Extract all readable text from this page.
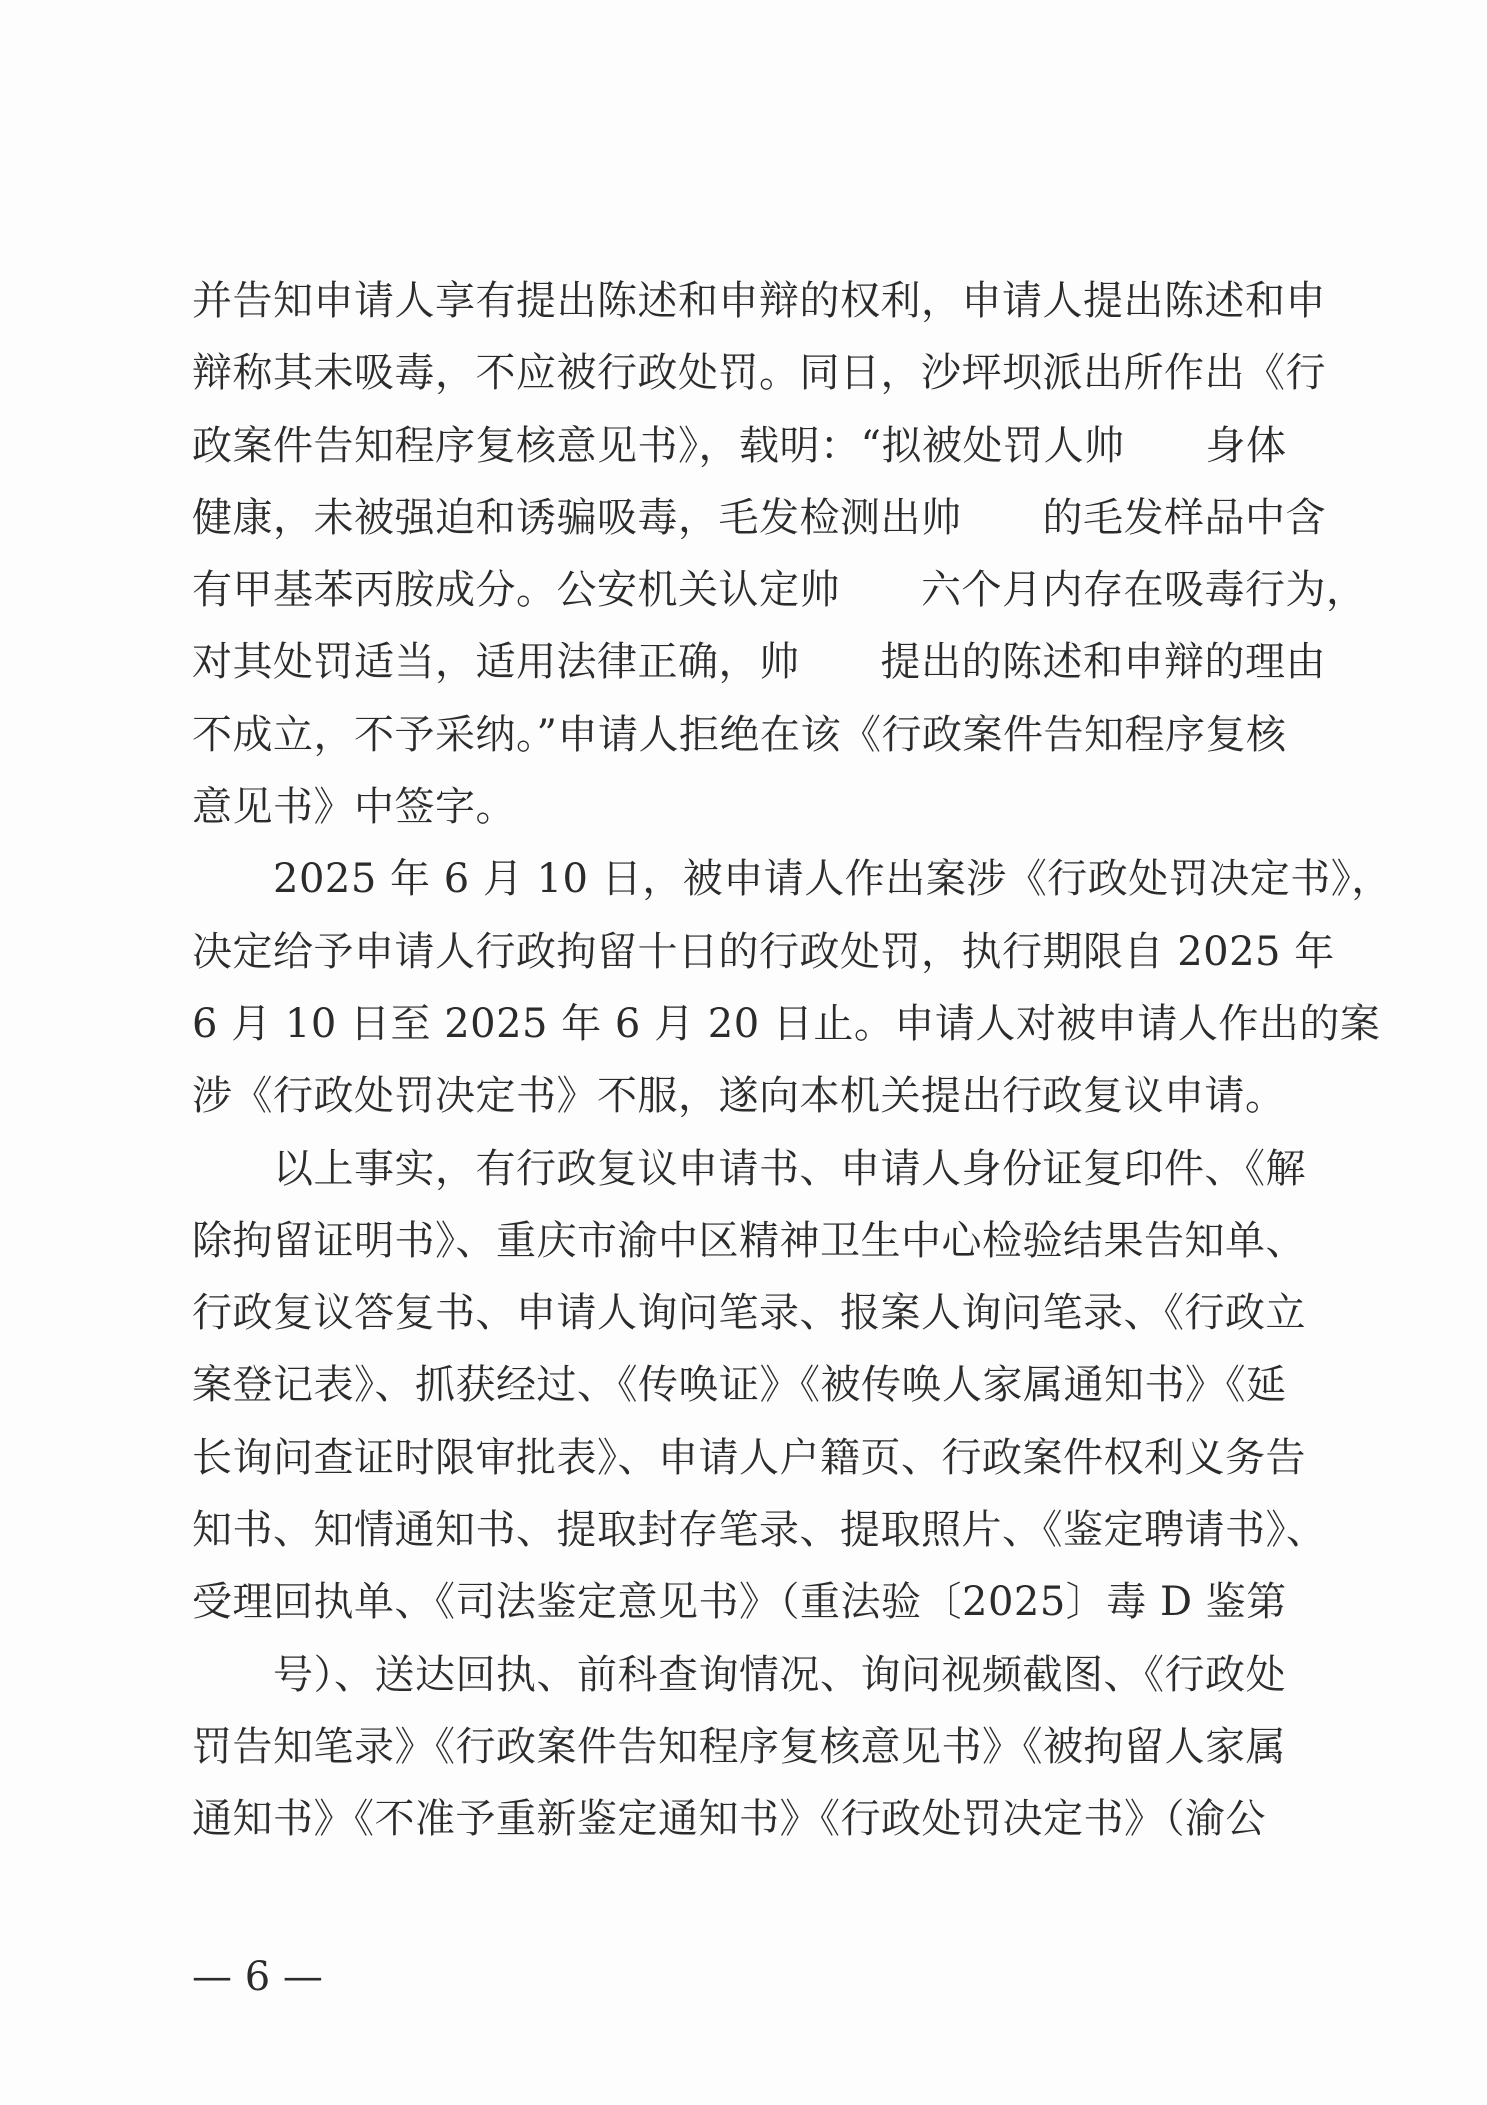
并告知申请人享有提出陈述和申辩的权利，申请人提出陈述和申
辩称其未吸毒，不应被行政处罚。同日，沙坪坝派出所作出《行
政案件告知程序复核意见书》，载明：“拟被处罚人帅　　身体
健康，未被强迫和诱骗吸毒，毛发检测出帅　　的毛发样品中含
有甲基苯丙胺成分。公安机关认定帅　　六个月内存在吸毒行为，
对其处罚适当，适用法律正确，帅　　提出的陈述和申辩的理由
不成立，不予采纳。”申请人拒绝在该《行政案件告知程序复核
意见书》中签字。
　　2025 年 6 月 10 日，被申请人作出案涉《行政处罚决定书》，
决定给予申请人行政拘留十日的行政处罚，执行期限自 2025 年
6 月 10 日至 2025 年 6 月 20 日止。申请人对被申请人作出的案
涉《行政处罚决定书》不服，遂向本机关提出行政复议申请。
　　以上事实，有行政复议申请书、申请人身份证复印件、《解
除拘留证明书》、重庆市渝中区精神卫生中心检验结果告知单、
行政复议答复书、申请人询问笔录、报案人询问笔录、《行政立
案登记表》、抓获经过、《传唤证》《被传唤人家属通知书》《延
长询问查证时限审批表》、申请人户籍页、行政案件权利义务告
知书、知情通知书、提取封存笔录、提取照片、《鉴定聘请书》、
受理回执单、《司法鉴定意见书》（重法验〔2025〕毒 D 鉴第
　　号）、送达回执、前科查询情况、询问视频截图、《行政处
罚告知笔录》《行政案件告知程序复核意见书》《被拘留人家属
通知书》《不准予重新鉴定通知书》《行政处罚决定书》（渝公
— 6 —
